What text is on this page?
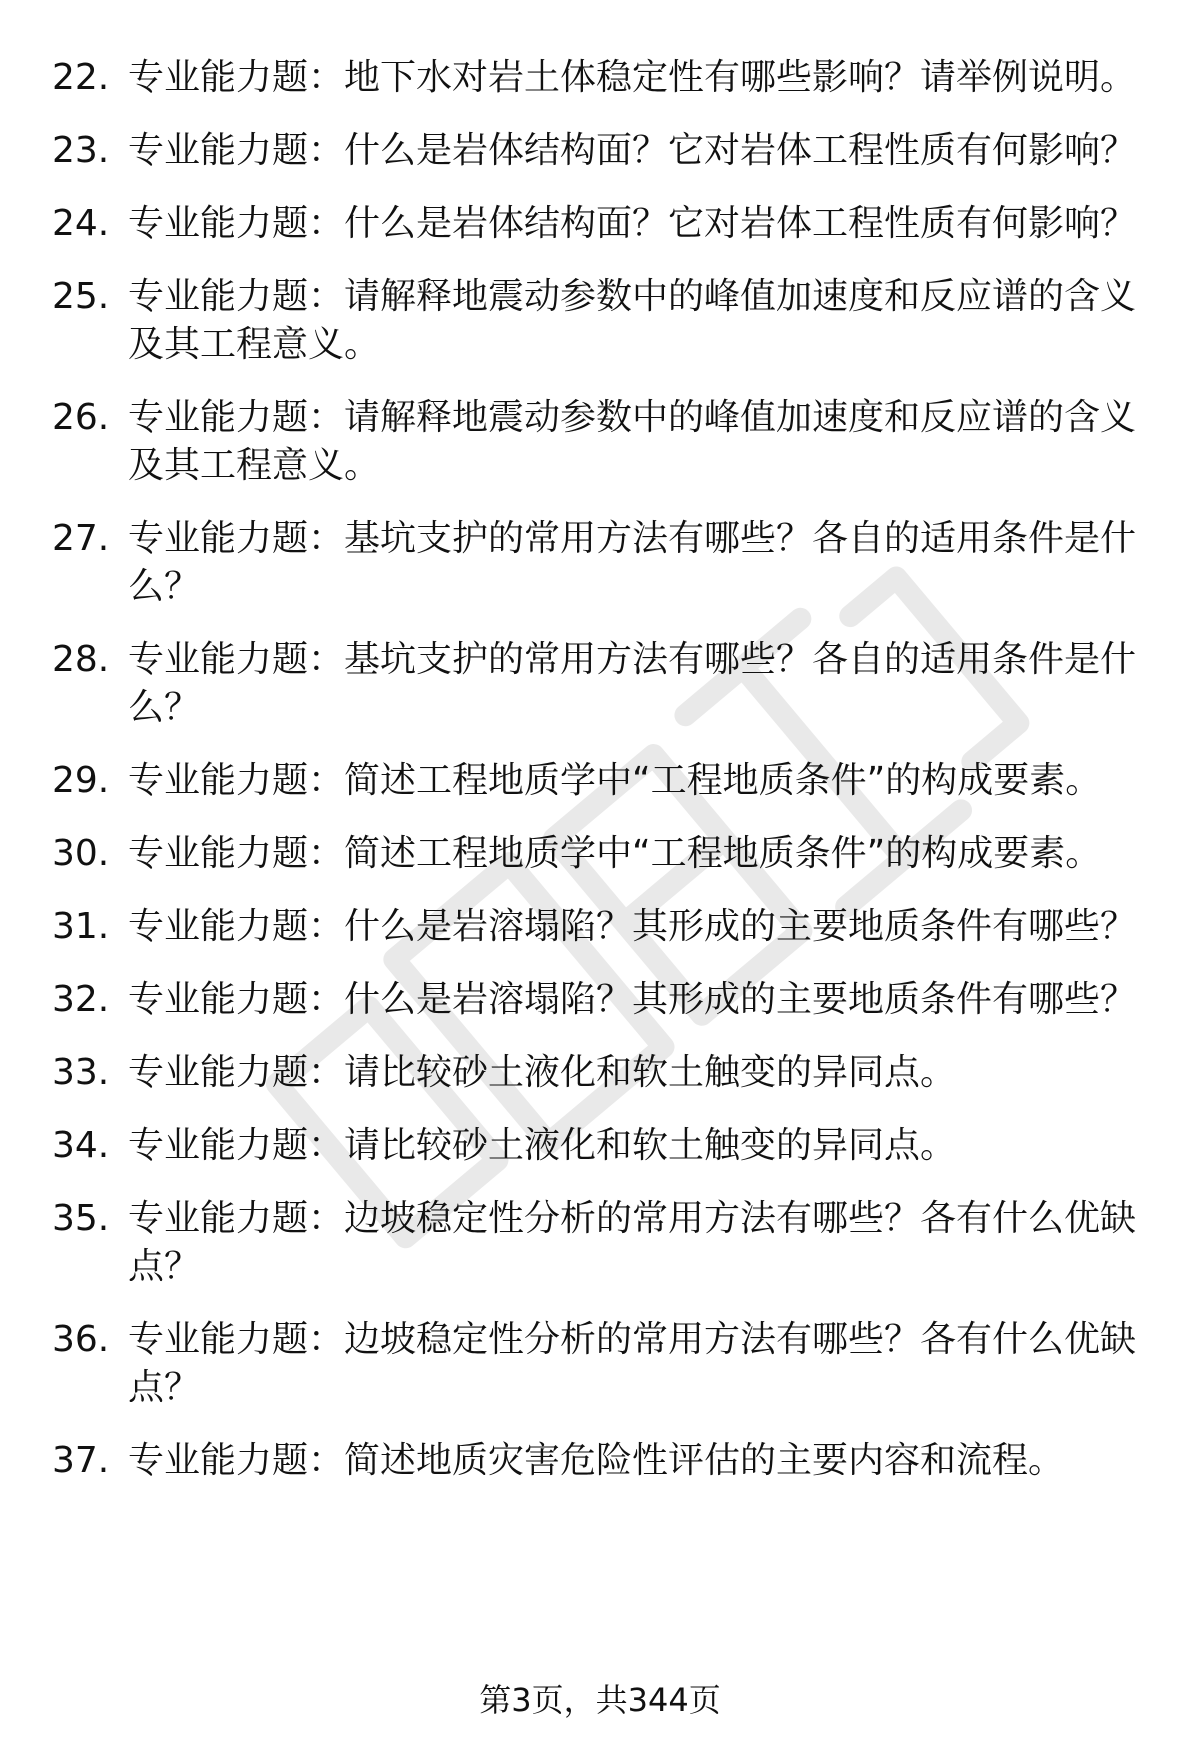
22. 专业能力题：地下水对岩土体稳定性有哪些影响？请举例说明。
23. 专业能力题：什么是岩体结构面？它对岩体工程性质有何影响？
24. 专业能力题：什么是岩体结构面？它对岩体工程性质有何影响？
25. 专业能力题：请解释地震动参数中的峰值加速度和反应谱的含义及其工程意义。
26. 专业能力题：请解释地震动参数中的峰值加速度和反应谱的含义及其工程意义。
27. 专业能力题：基坑支护的常用方法有哪些？各自的适用条件是什么？
28. 专业能力题：基坑支护的常用方法有哪些？各自的适用条件是什么？
29. 专业能力题：简述工程地质学中“工程地质条件”的构成要素。
30. 专业能力题：简述工程地质学中“工程地质条件”的构成要素。
31. 专业能力题：什么是岩溶塌陷？其形成的主要地质条件有哪些？
32. 专业能力题：什么是岩溶塌陷？其形成的主要地质条件有哪些？
33. 专业能力题：请比较砂土液化和软土触变的异同点。
34. 专业能力题：请比较砂土液化和软土触变的异同点。
35. 专业能力题：边坡稳定性分析的常用方法有哪些？各有什么优缺点？
36. 专业能力题：边坡稳定性分析的常用方法有哪些？各有什么优缺点？
37. 专业能力题：简述地质灾害危险性评估的主要内容和流程。
第3页，共344页
